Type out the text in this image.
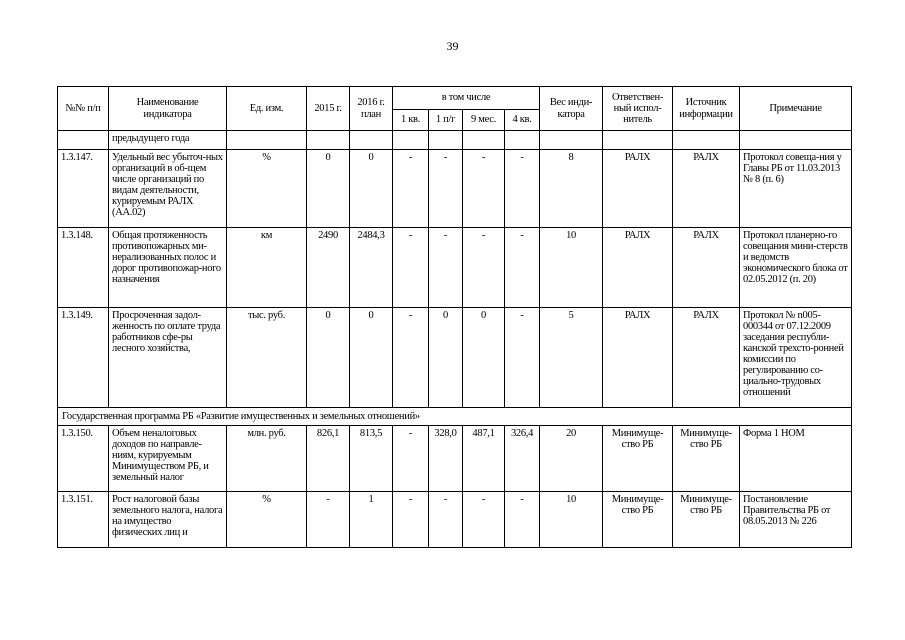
39
№№ п/п	Наименование индикатора	Ед. изм.	2015 г.	2016 г. план	в том числе				Вес инди-катора	Ответствен-ный испол-нитель	Источник информации	Примечание
					1 кв.	1 п/г	9 мес.	4 кв.				
	предыдущего года											
1.3.147.	Удельный вес убыточ-ных организаций в об-щем числе организаций по видам деятельности, курируемым РАЛХ (АА.02)	%	0	0	-	-	-	-	8	РАЛХ	РАЛХ	Протокол совеща-ния у Главы РБ от 11.03.2013 № 8 (п. 6)
1.3.148.	Общая протяженность противопожарных ми-нерализованных полос и дорог противопожар-ного назначения	км	2490	2484,3	-	-	-	-	10	РАЛХ	РАЛХ	Протокол планерно-го совещания мини-стерств и ведомств экономического блока от 02.05.2012 (п. 20)
1.3.149.	Просроченная задол-женность по оплате труда работников сфе-ры лесного хозяйства,	тыс. руб.	0	0	-	0	0	-	5	РАЛХ	РАЛХ	Протокол № n005-000344 от 07.12.2009 заседания республи-канской трехсто-ронней комиссии по регулированию со-циально-трудовых отношений
Государственная программа РБ «Развитие имущественных и земельных отношений»												
1.3.150.	Объем неналоговых доходов по направле-ниям, курируемым Минимуществом РБ, и земельный налог	млн. руб.	826,1	813,5	-	328,0	487,1	326,4	20	Минимуще-ство РБ	Минимуще-ство РБ	Форма 1 НОМ
1.3.151.	Рост налоговой базы земельного налога, налога на имущество физических лиц и	%	-	1	-	-	-	-	10	Минимуще-ство РБ	Минимуще-ство РБ	Постановление Правительства РБ от 08.05.2013 № 226
